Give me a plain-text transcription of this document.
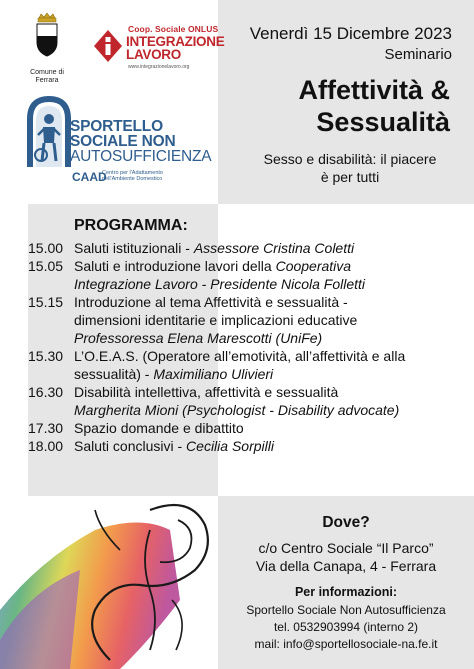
Comune di Ferrara
Coop. Sociale ONLUS
INTEGRAZIONE
LAVORO
www.integrazionelavoro.org
SPORTELLO
SOCIALE NON
AUTOSUFFICIENZA
CAAD
Centro per l'Adattamento dell'Ambiente Domestico
Venerdì 15 Dicembre 2023
Seminario
Affettività &
Sessualità
Sesso e disabilità: il piacere
è per tutti
PROGRAMMA:
15.00 Saluti istituzionali - Assessore Cristina Coletti
15.05 Saluti e introduzione lavori della Cooperativa
Integrazione Lavoro - Presidente Nicola Folletti
15.15 Introduzione al tema Affettività e sessualità -
dimensioni identitarie e implicazioni educative
Professoressa Elena Marescotti (UniFe)
15.30 L’O.E.A.S. (Operatore all’emotività, all’affettività e alla
sessualità) - Maximiliano Ulivieri
16.30 Disabilità intellettiva, affettività e sessualità
Margherita Mioni (Psychologist - Disability advocate)
17.30 Spazio domande e dibattito
18.00 Saluti conclusivi - Cecilia Sorpilli
Dove?
c/o Centro Sociale “Il Parco”
Via della Canapa, 4 - Ferrara
Per informazioni:
Sportello Sociale Non Autosufficienza
tel. 0532903994 (interno 2)
mail: info@sportellosociale-na.fe.it
